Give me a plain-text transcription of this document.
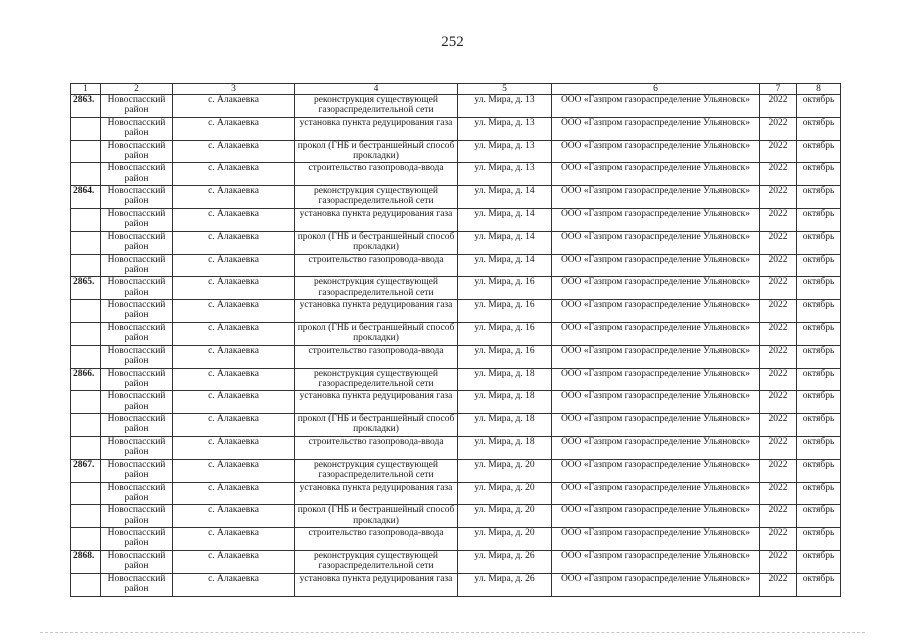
252
1	2	3	4	5	6	7	8
2863.	Новоспасский район	с. Алакаевка	реконструкция существующей газораспределительной сети	ул. Мира, д. 13	ООО «Газпром газораспределение Ульяновск»	2022	октябрь
	Новоспасский район	с. Алакаевка	установка пункта редуцирования газа	ул. Мира, д. 13	ООО «Газпром газораспределение Ульяновск»	2022	октябрь
	Новоспасский район	с. Алакаевка	прокол (ГНБ и бестраншейный способ прокладки)	ул. Мира, д. 13	ООО «Газпром газораспределение Ульяновск»	2022	октябрь
	Новоспасский район	с. Алакаевка	строительство газопровода-ввода	ул. Мира, д. 13	ООО «Газпром газораспределение Ульяновск»	2022	октябрь
2864.	Новоспасский район	с. Алакаевка	реконструкция существующей газораспределительной сети	ул. Мира, д. 14	ООО «Газпром газораспределение Ульяновск»	2022	октябрь
	Новоспасский район	с. Алакаевка	установка пункта редуцирования газа	ул. Мира, д. 14	ООО «Газпром газораспределение Ульяновск»	2022	октябрь
	Новоспасский район	с. Алакаевка	прокол (ГНБ и бестраншейный способ прокладки)	ул. Мира, д. 14	ООО «Газпром газораспределение Ульяновск»	2022	октябрь
	Новоспасский район	с. Алакаевка	строительство газопровода-ввода	ул. Мира, д. 14	ООО «Газпром газораспределение Ульяновск»	2022	октябрь
2865.	Новоспасский район	с. Алакаевка	реконструкция существующей газораспределительной сети	ул. Мира, д. 16	ООО «Газпром газораспределение Ульяновск»	2022	октябрь
	Новоспасский район	с. Алакаевка	установка пункта редуцирования газа	ул. Мира, д. 16	ООО «Газпром газораспределение Ульяновск»	2022	октябрь
	Новоспасский район	с. Алакаевка	прокол (ГНБ и бестраншейный способ прокладки)	ул. Мира, д. 16	ООО «Газпром газораспределение Ульяновск»	2022	октябрь
	Новоспасский район	с. Алакаевка	строительство газопровода-ввода	ул. Мира, д. 16	ООО «Газпром газораспределение Ульяновск»	2022	октябрь
2866.	Новоспасский район	с. Алакаевка	реконструкция существующей газораспределительной сети	ул. Мира, д. 18	ООО «Газпром газораспределение Ульяновск»	2022	октябрь
	Новоспасский район	с. Алакаевка	установка пункта редуцирования газа	ул. Мира, д. 18	ООО «Газпром газораспределение Ульяновск»	2022	октябрь
	Новоспасский район	с. Алакаевка	прокол (ГНБ и бестраншейный способ прокладки)	ул. Мира, д. 18	ООО «Газпром газораспределение Ульяновск»	2022	октябрь
	Новоспасский район	с. Алакаевка	строительство газопровода-ввода	ул. Мира, д. 18	ООО «Газпром газораспределение Ульяновск»	2022	октябрь
2867.	Новоспасский район	с. Алакаевка	реконструкция существующей газораспределительной сети	ул. Мира, д. 20	ООО «Газпром газораспределение Ульяновск»	2022	октябрь
	Новоспасский район	с. Алакаевка	установка пункта редуцирования газа	ул. Мира, д. 20	ООО «Газпром газораспределение Ульяновск»	2022	октябрь
	Новоспасский район	с. Алакаевка	прокол (ГНБ и бестраншейный способ прокладки)	ул. Мира, д. 20	ООО «Газпром газораспределение Ульяновск»	2022	октябрь
	Новоспасский район	с. Алакаевка	строительство газопровода-ввода	ул. Мира, д. 20	ООО «Газпром газораспределение Ульяновск»	2022	октябрь
2868.	Новоспасский район	с. Алакаевка	реконструкция существующей газораспределительной сети	ул. Мира, д. 26	ООО «Газпром газораспределение Ульяновск»	2022	октябрь
	Новоспасский район	с. Алакаевка	установка пункта редуцирования газа	ул. Мира, д. 26	ООО «Газпром газораспределение Ульяновск»	2022	октябрь
